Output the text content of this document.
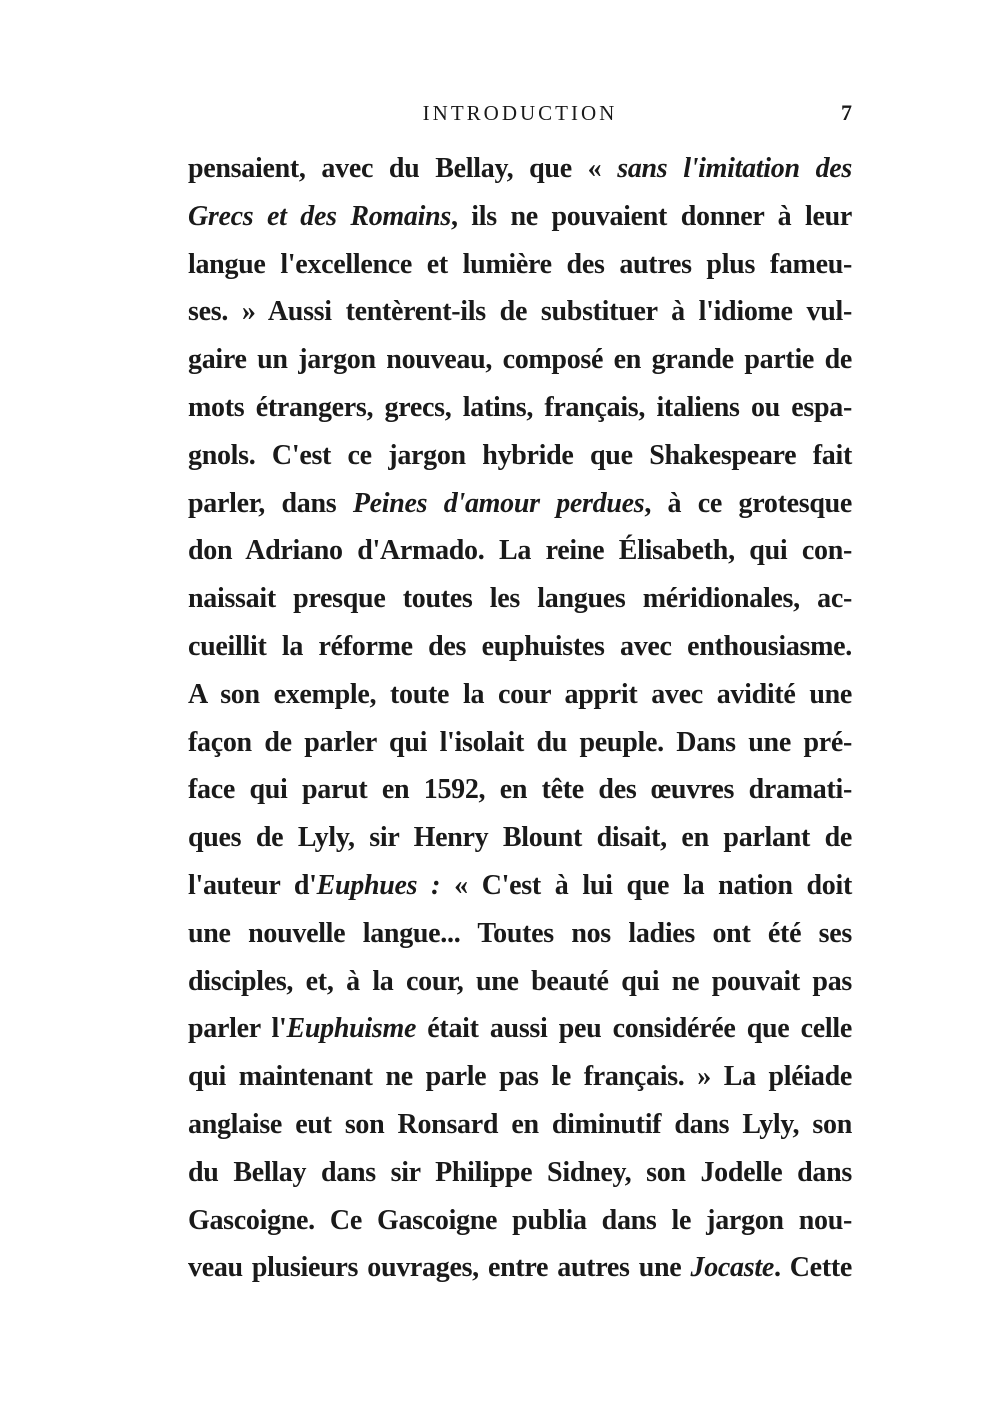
INTRODUCTION	7
pensaient, avec du Bellay, que « sans l'imitation des
Grecs et des Romains, ils ne pouvaient donner à leur
langue l'excellence et lumière des autres plus fameu-
ses. » Aussi tentèrent-ils de substituer à l'idiome vul-
gaire un jargon nouveau, composé en grande partie de
mots étrangers, grecs, latins, français, italiens ou espa-
gnols. C'est ce jargon hybride que Shakespeare fait
parler, dans Peines d'amour perdues, à ce grotesque
don Adriano d'Armado. La reine Élisabeth, qui con-
naissait presque toutes les langues méridionales, ac-
cueillit la réforme des euphuistes avec enthousiasme.
A son exemple, toute la cour apprit avec avidité une
façon de parler qui l'isolait du peuple. Dans une pré-
face qui parut en 1592, en tête des œuvres dramati-
ques de Lyly, sir Henry Blount disait, en parlant de
l'auteur d'Euphues : « C'est à lui que la nation doit
une nouvelle langue... Toutes nos ladies ont été ses
disciples, et, à la cour, une beauté qui ne pouvait pas
parler l'Euphuisme était aussi peu considérée que celle
qui maintenant ne parle pas le français. » La pléiade
anglaise eut son Ronsard en diminutif dans Lyly, son
du Bellay dans sir Philippe Sidney, son Jodelle dans
Gascoigne. Ce Gascoigne publia dans le jargon nou-
veau plusieurs ouvrages, entre autres une Jocaste. Cette
